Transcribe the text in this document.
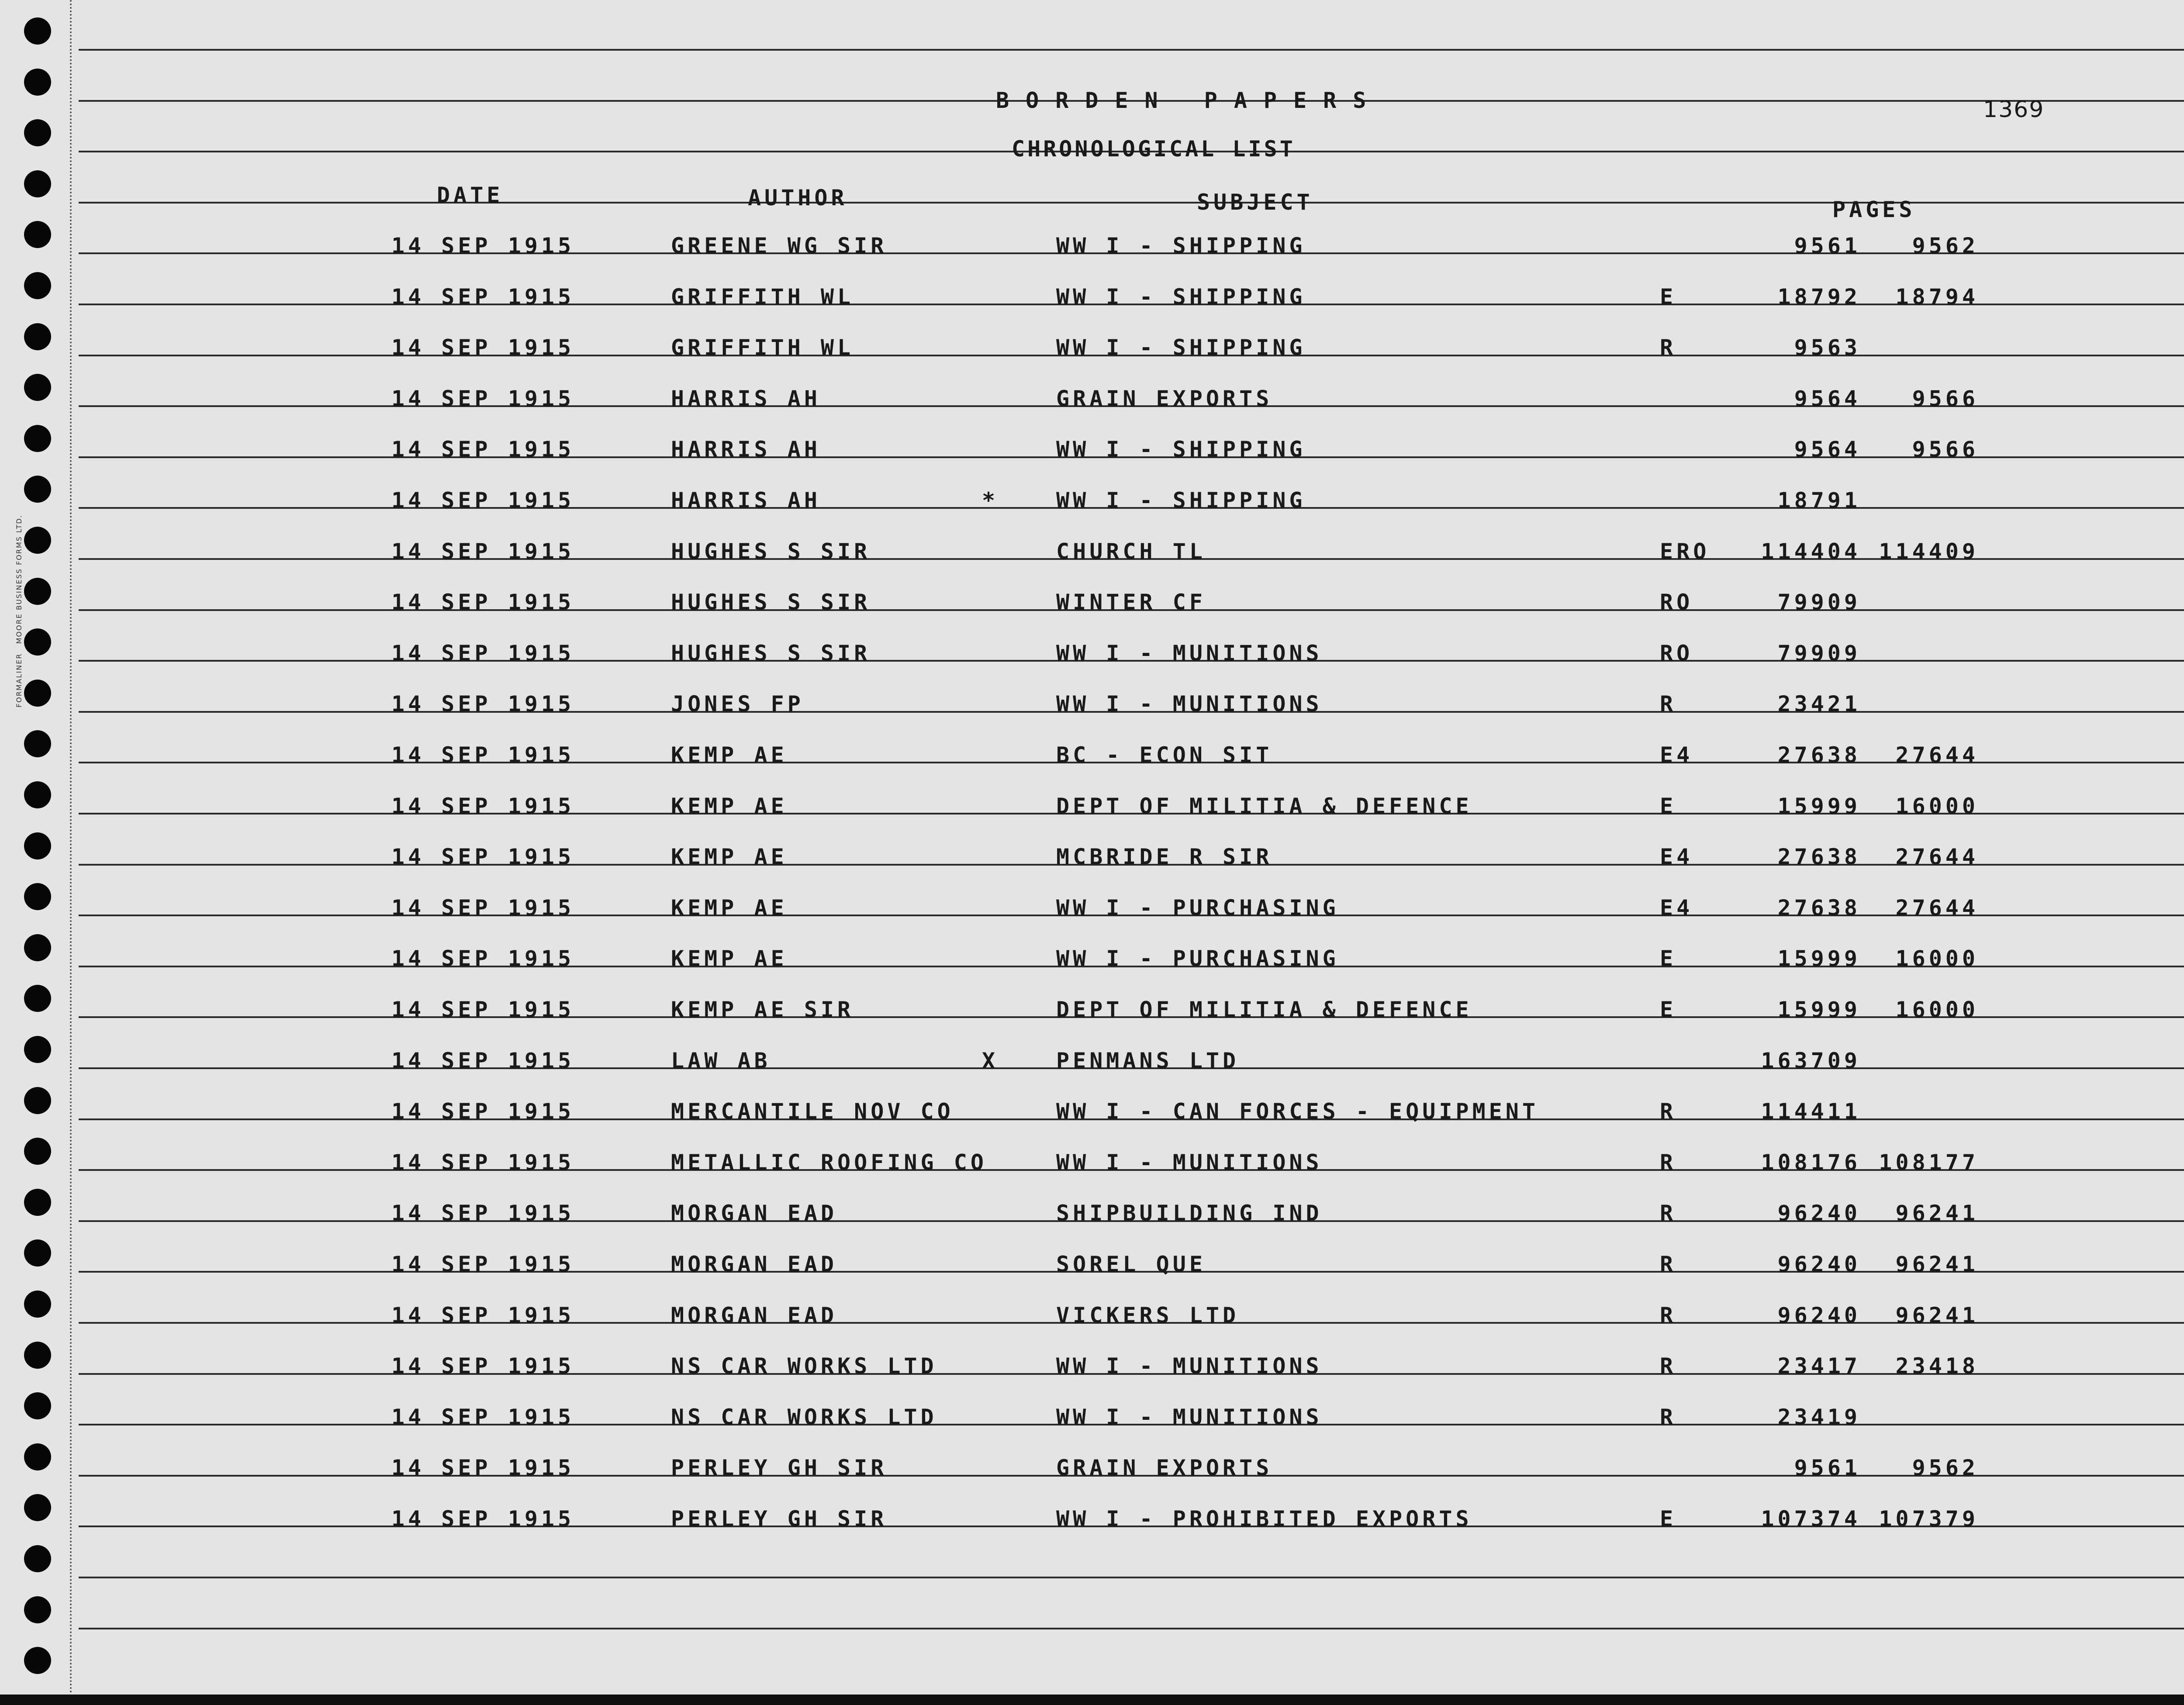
FORMALINER   MOORE BUSINESS FORMS LTD.
BORDEN PAPERS	1369
CHRONOLOGICAL LIST
DATE	AUTHOR	SUBJECT	PAGES
14 SEP 1915	GREENE WG SIR	WW I - SHIPPING	9561	9562
14 SEP 1915	GRIFFITH WL	WW I - SHIPPING	E	18792	18794
14 SEP 1915	GRIFFITH WL	WW I - SHIPPING	R	9563
14 SEP 1915	HARRIS AH	GRAIN EXPORTS	9564	9566
14 SEP 1915	HARRIS AH	WW I - SHIPPING	9564	9566
14 SEP 1915	HARRIS AH	*	WW I - SHIPPING	18791
14 SEP 1915	HUGHES S SIR	CHURCH TL	ERO	114404 114409
14 SEP 1915	HUGHES S SIR	WINTER CF	RO	79909
14 SEP 1915	HUGHES S SIR	WW I - MUNITIONS	RO	79909
14 SEP 1915	JONES FP	WW I - MUNITIONS	R	23421
14 SEP 1915	KEMP AE	BC - ECON SIT	E4	27638	27644
14 SEP 1915	KEMP AE	DEPT OF MILITIA & DEFENCE	E	15999	16000
14 SEP 1915	KEMP AE	MCBRIDE R SIR	E4	27638	27644
14 SEP 1915	KEMP AE	WW I - PURCHASING	E4	27638	27644
14 SEP 1915	KEMP AE	WW I - PURCHASING	E	15999	16000
14 SEP 1915	KEMP AE SIR	DEPT OF MILITIA & DEFENCE	E	15999	16000
14 SEP 1915	LAW AB	X	PENMANS LTD	163709
14 SEP 1915	MERCANTILE NOV CO	WW I - CAN FORCES - EQUIPMENT	R	114411
14 SEP 1915	METALLIC ROOFING CO	WW I - MUNITIONS	R	108176 108177
14 SEP 1915	MORGAN EAD	SHIPBUILDING IND	R	96240	96241
14 SEP 1915	MORGAN EAD	SOREL QUE	R	96240	96241
14 SEP 1915	MORGAN EAD	VICKERS LTD	R	96240	96241
14 SEP 1915	NS CAR WORKS LTD	WW I - MUNITIONS	R	23417	23418
14 SEP 1915	NS CAR WORKS LTD	WW I - MUNITIONS	R	23419
14 SEP 1915	PERLEY GH SIR	GRAIN EXPORTS	9561	9562
14 SEP 1915	PERLEY GH SIR	WW I - PROHIBITED EXPORTS	E	107374 107379
